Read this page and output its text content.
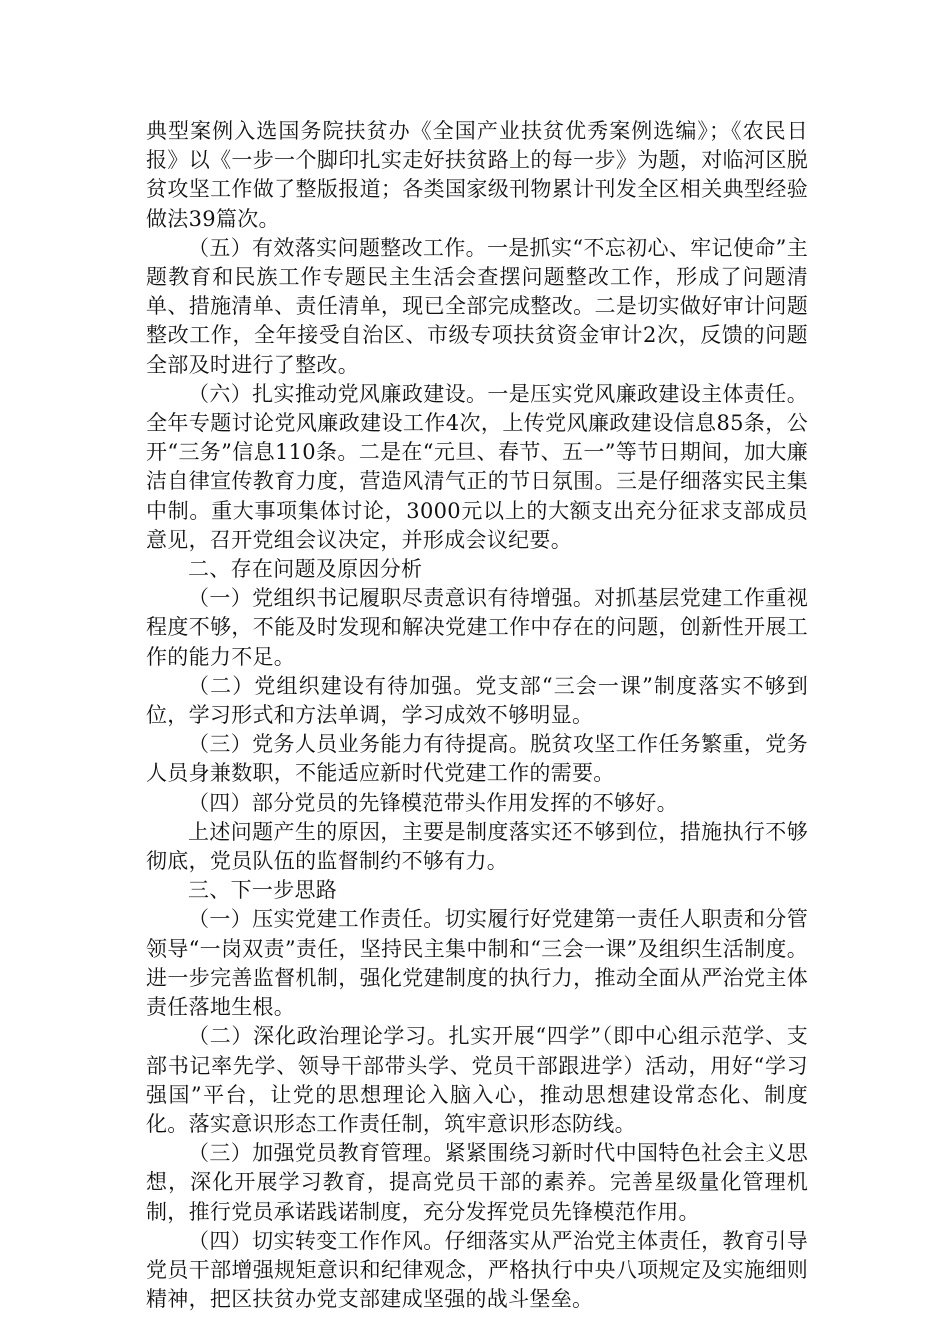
典型案例入选国务院扶贫办《全国产业扶贫优秀案例选编》；《农民日报》以《一步一个脚印扎实走好扶贫路上的每一步》为题，对临河区脱贫攻坚工作做了整版报道；各类国家级刊物累计刊发全区相关典型经验做法39篇次。

（五）有效落实问题整改工作。一是抓实“不忘初心、牢记使命”主题教育和民族工作专题民主生活会查摆问题整改工作，形成了问题清单、措施清单、责任清单，现已全部完成整改。二是切实做好审计问题整改工作，全年接受自治区、市级专项扶贫资金审计2次，反馈的问题全部及时进行了整改。

（六）扎实推动党风廉政建设。一是压实党风廉政建设主体责任。全年专题讨论党风廉政建设工作4次，上传党风廉政建设信息85条，公开“三务”信息110条。二是在“元旦、春节、五一”等节日期间，加大廉洁自律宣传教育力度，营造风清气正的节日氛围。三是仔细落实民主集中制。重大事项集体讨论，3000元以上的大额支出充分征求支部成员意见，召开党组会议决定，并形成会议纪要。

二、存在问题及原因分析

（一）党组织书记履职尽责意识有待增强。对抓基层党建工作重视程度不够，不能及时发现和解决党建工作中存在的问题，创新性开展工作的能力不足。

（二）党组织建设有待加强。党支部“三会一课”制度落实不够到位，学习形式和方法单调，学习成效不够明显。

（三）党务人员业务能力有待提高。脱贫攻坚工作任务繁重，党务人员身兼数职，不能适应新时代党建工作的需要。

（四）部分党员的先锋模范带头作用发挥的不够好。

上述问题产生的原因，主要是制度落实还不够到位，措施执行不够彻底，党员队伍的监督制约不够有力。

三、下一步思路

（一）压实党建工作责任。切实履行好党建第一责任人职责和分管领导“一岗双责”责任，坚持民主集中制和“三会一课”及组织生活制度。进一步完善监督机制，强化党建制度的执行力，推动全面从严治党主体责任落地生根。

（二）深化政治理论学习。扎实开展“四学”（即中心组示范学、支部书记率先学、领导干部带头学、党员干部跟进学）活动，用好“学习强国”平台，让党的思想理论入脑入心，推动思想建设常态化、制度化。落实意识形态工作责任制，筑牢意识形态防线。

（三）加强党员教育管理。紧紧围绕习新时代中国特色社会主义思想，深化开展学习教育，提高党员干部的素养。完善星级量化管理机制，推行党员承诺践诺制度，充分发挥党员先锋模范作用。

（四）切实转变工作作风。仔细落实从严治党主体责任，教育引导党员干部增强规矩意识和纪律观念，严格执行中央八项规定及实施细则精神，把区扶贫办党支部建成坚强的战斗堡垒。
